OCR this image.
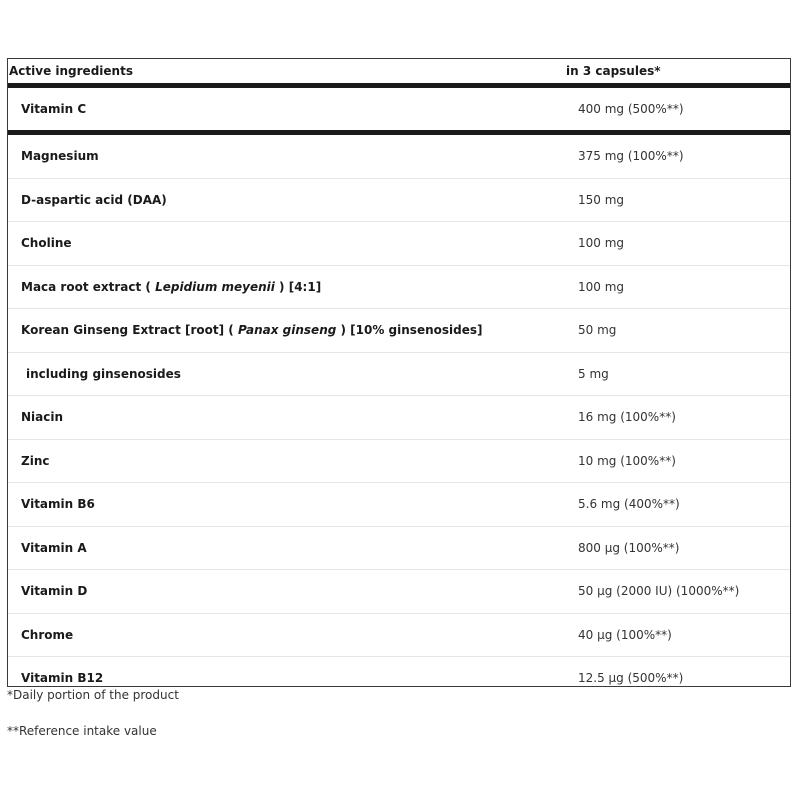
Active ingredients	in 3 capsules*
Vitamin C	400 mg (500%**)
Magnesium	375 mg (100%**)
D-aspartic acid (DAA)	150 mg
Choline	100 mg
Maca root extract ( Lepidium meyenii ) [4:1]	100 mg
Korean Ginseng Extract [root] ( Panax ginseng ) [10% ginsenosides]	50 mg
including ginsenosides	5 mg
Niacin	16 mg (100%**)
Zinc	10 mg (100%**)
Vitamin B6	5.6 mg (400%**)
Vitamin A	800 µg (100%**)
Vitamin D	50 µg (2000 IU) (1000%**)
Chrome	40 µg (100%**)
Vitamin B12	12.5 µg (500%**)
*Daily portion of the product
**Reference intake value
